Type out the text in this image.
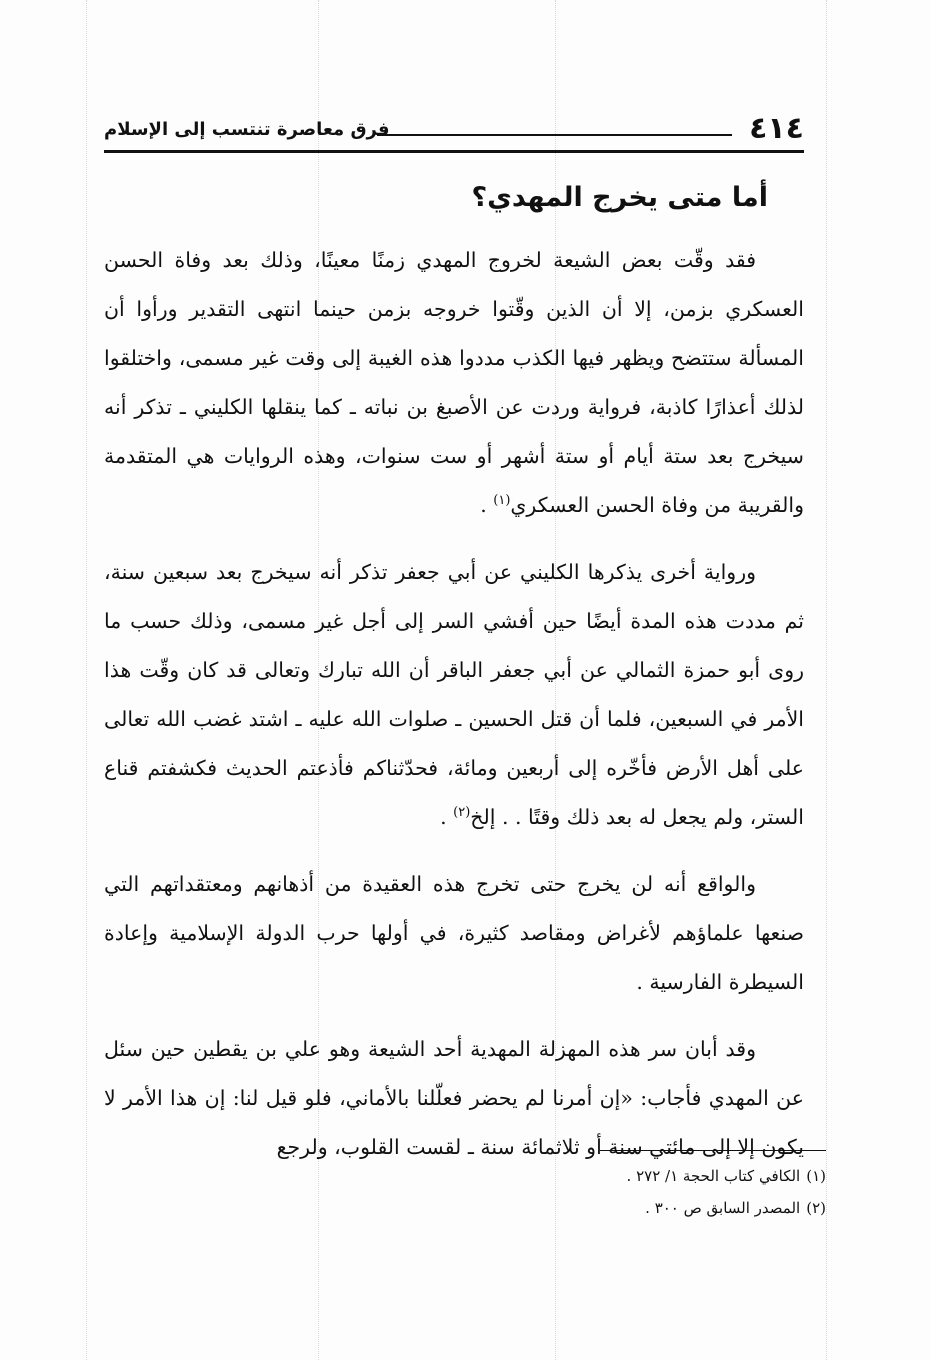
٤١٤
فرق معاصرة تنتسب إلى الإسلام
أما متى يخرج المهدي؟

فقد وقّت بعض الشيعة لخروج المهدي زمنًا معينًا، وذلك بعد وفاة الحسن العسكري بزمن، إلا أن الذين وقّتوا خروجه بزمن حينما انتهى التقدير ورأوا أن المسألة ستتضح ويظهر فيها الكذب مددوا هذه الغيبة إلى وقت غير مسمى، واختلقوا لذلك أعذارًا كاذبة، فرواية وردت عن الأصبغ بن نباته ـ كما ينقلها الكليني ـ تذكر أنه سيخرج بعد ستة أيام أو ستة أشهر أو ست سنوات، وهذه الروايات هي المتقدمة والقريبة من وفاة الحسن العسكري$^{(١)}$ .

ورواية أخرى يذكرها الكليني عن أبي جعفر تذكر أنه سيخرج بعد سبعين سنة، ثم مددت هذه المدة أيضًا حين أفشي السر إلى أجل غير مسمى، وذلك حسب ما روى أبو حمزة الثمالي عن أبي جعفر الباقر أن الله تبارك وتعالى قد كان وقّت هذا الأمر في السبعين، فلما أن قتل الحسين ـ صلوات الله عليه ـ اشتد غضب الله تعالى على أهل الأرض فأخّره إلى أربعين ومائة، فحدّثناكم فأذعتم الحديث فكشفتم قناع الستر، ولم يجعل له بعد ذلك وقتًا . . إلخ$^{(٢)}$ .

والواقع أنه لن يخرج حتى تخرج هذه العقيدة من أذهانهم ومعتقداتهم التي صنعها علماؤهم لأغراض ومقاصد كثيرة، في أولها حرب الدولة الإسلامية وإعادة السيطرة الفارسية .

وقد أبان سر هذه المهزلة المهدية أحد الشيعة وهو علي بن يقطين حين سئل عن المهدي فأجاب: «إن أمرنا لم يحضر فعلّلنا بالأماني، فلو قيل لنا: إن هذا الأمر لا يكون إلا إلى مائتي سنة أو ثلاثمائة سنة ـ لقست القلوب، ولرجع

(١)
الكافي كتاب الحجة ١/ ٢٧٢ .
(٢)
المصدر السابق ص ٣٠٠ .
